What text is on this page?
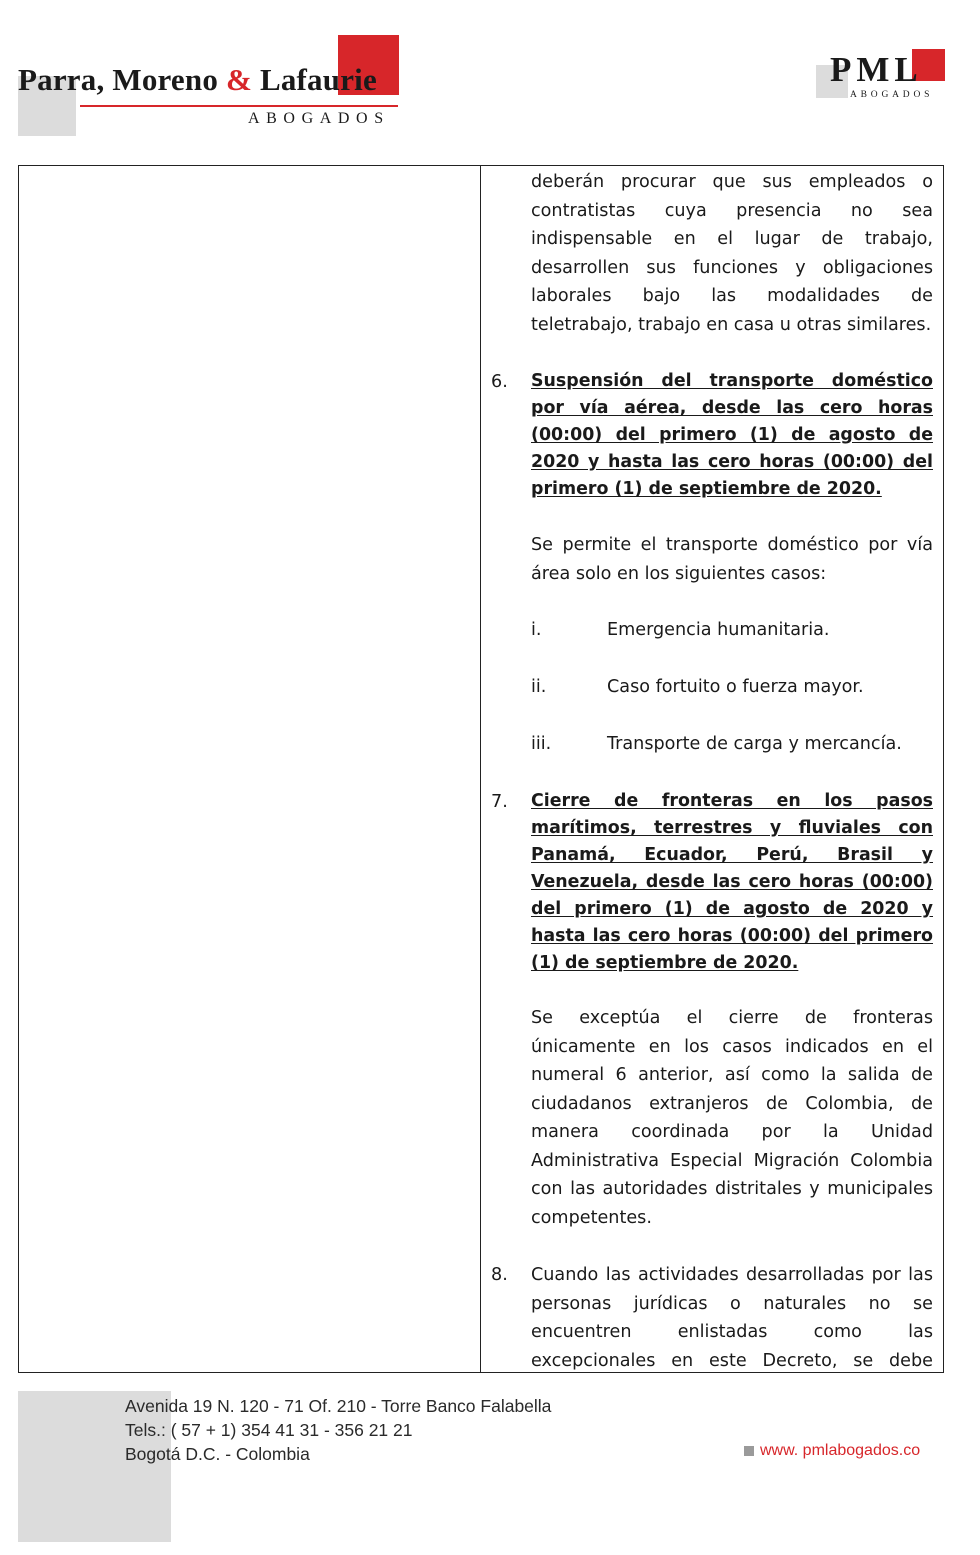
Parra, Moreno & Lafaurie
ABOGADOS
PML
ABOGADOS

deberán procurar que sus empleados o contratistas cuya presencia no sea indispensable en el lugar de trabajo, desarrollen sus funciones y obligaciones laborales bajo las modalidades de teletrabajo, trabajo en casa u otras similares.

6. Suspensión del transporte doméstico por vía aérea, desde las cero horas (00:00) del primero (1) de agosto de 2020 y hasta las cero horas (00:00) del primero (1) de septiembre de 2020.

Se permite el transporte doméstico por vía área solo en los siguientes casos:

i.	Emergencia humanitaria.
ii.	Caso fortuito o fuerza mayor.
iii.	Transporte de carga y mercancía.
7. Cierre de fronteras en los pasos marítimos, terrestres y fluviales con Panamá, Ecuador, Perú, Brasil y Venezuela, desde las cero horas (00:00) del primero (1) de agosto de 2020 y hasta las cero horas (00:00) del primero (1) de septiembre de 2020.

Se exceptúa el cierre de fronteras únicamente en los casos indicados en el numeral 6 anterior, así como la salida de ciudadanos extranjeros de Colombia, de manera coordinada por la Unidad Administrativa Especial Migración Colombia con las autoridades distritales y municipales competentes.

8. Cuando las actividades desarrolladas por las personas jurídicas o naturales no se encuentren enlistadas como las excepcionales en este Decreto, se debe

Avenida 19 N. 120 - 71 Of. 210 - Torre Banco Falabella
Tels.: ( 57 + 1) 354 41 31 - 356 21 21
Bogotá D.C. - Colombia	www. pmlabogados.co
